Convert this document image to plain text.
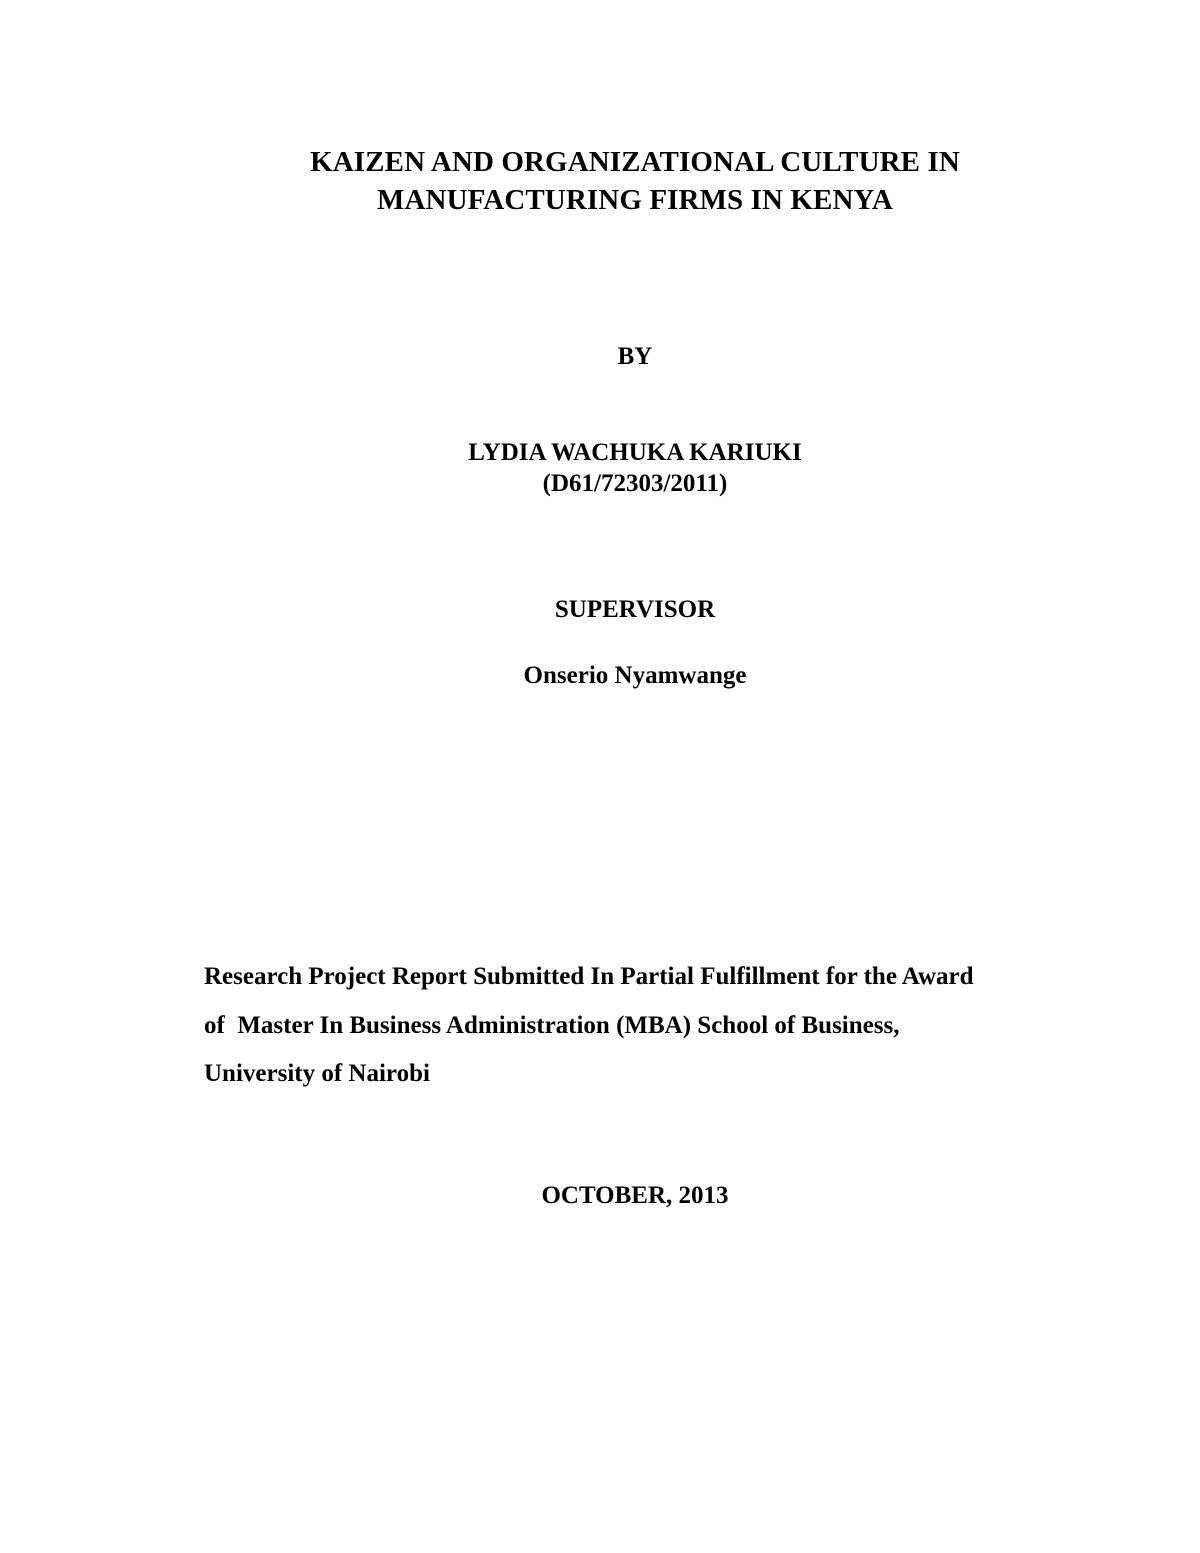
KAIZEN AND ORGANIZATIONAL CULTURE IN
MANUFACTURING FIRMS IN KENYA
BY
LYDIA WACHUKA KARIUKI
(D61/72303/2011)
SUPERVISOR
Onserio Nyamwange
Research Project Report Submitted In Partial Fulfillment for the Award
of  Master In Business Administration (MBA) School of Business,
University of Nairobi
OCTOBER, 2013
